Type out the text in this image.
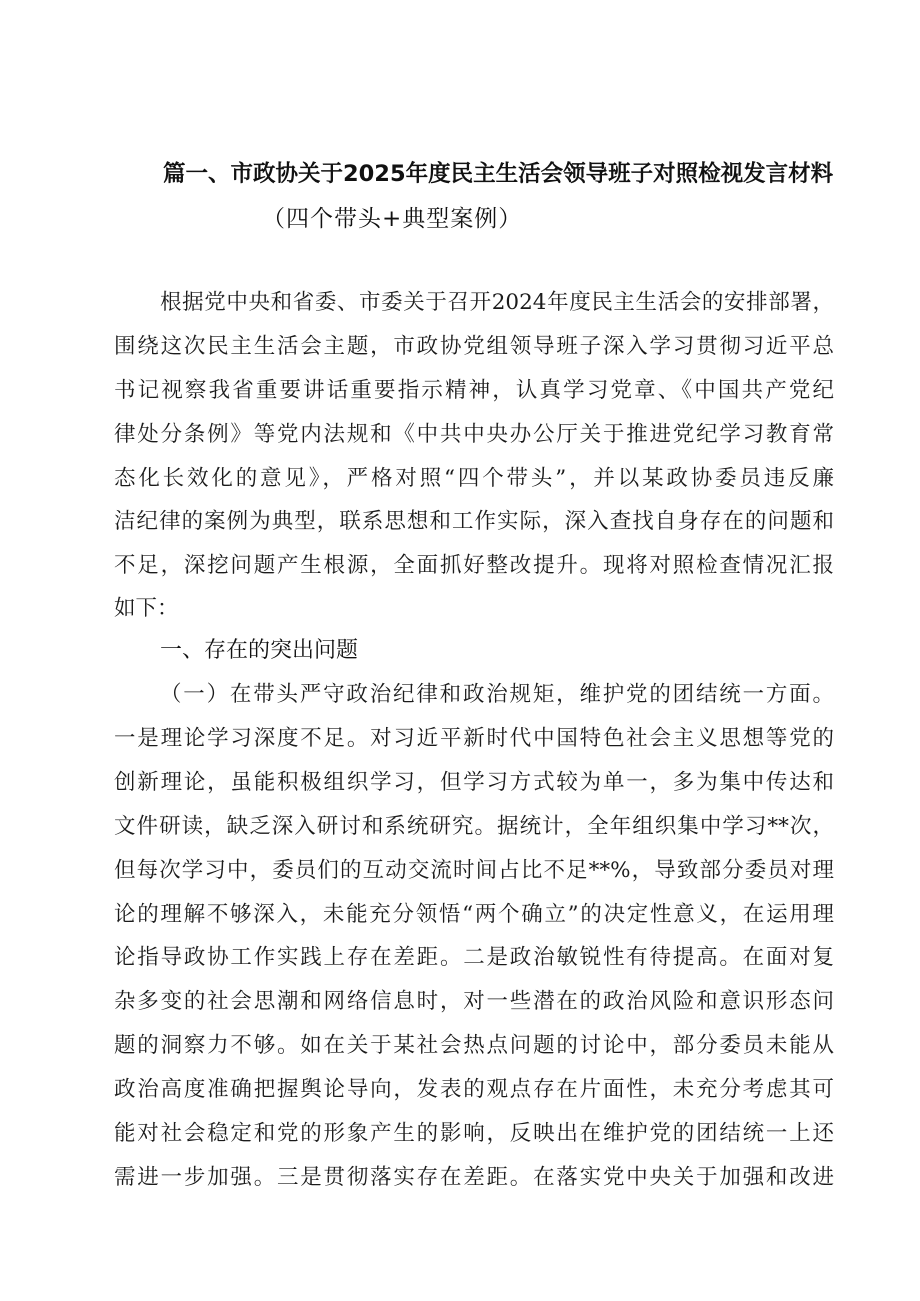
篇一、市政协关于2025年度民主生活会领导班子对照检视发言材料
（四个带头+典型案例）
根据党中央和省委、市委关于召开2024年度民主生活会的安排部署，
围绕这次民主生活会主题，市政协党组领导班子深入学习贯彻习近平总
书记视察我省重要讲话重要指示精神，认真学习党章、《中国共产党纪
律处分条例》等党内法规和《中共中央办公厅关于推进党纪学习教育常
态化长效化的意见》，严格对照“四个带头”，并以某政协委员违反廉
洁纪律的案例为典型，联系思想和工作实际，深入查找自身存在的问题和
不足，深挖问题产生根源，全面抓好整改提升。现将对照检查情况汇报
如下：
一、存在的突出问题
（一）在带头严守政治纪律和政治规矩，维护党的团结统一方面。
一是理论学习深度不足。对习近平新时代中国特色社会主义思想等党的
创新理论，虽能积极组织学习，但学习方式较为单一，多为集中传达和
文件研读，缺乏深入研讨和系统研究。据统计，全年组织集中学习**次，
但每次学习中，委员们的互动交流时间占比不足**%，导致部分委员对理
论的理解不够深入，未能充分领悟“两个确立”的决定性意义，在运用理
论指导政协工作实践上存在差距。二是政治敏锐性有待提高。在面对复
杂多变的社会思潮和网络信息时，对一些潜在的政治风险和意识形态问
题的洞察力不够。如在关于某社会热点问题的讨论中，部分委员未能从
政治高度准确把握舆论导向，发表的观点存在片面性，未充分考虑其可
能对社会稳定和党的形象产生的影响，反映出在维护党的团结统一上还
需进一步加强。三是贯彻落实存在差距。在落实党中央关于加强和改进
